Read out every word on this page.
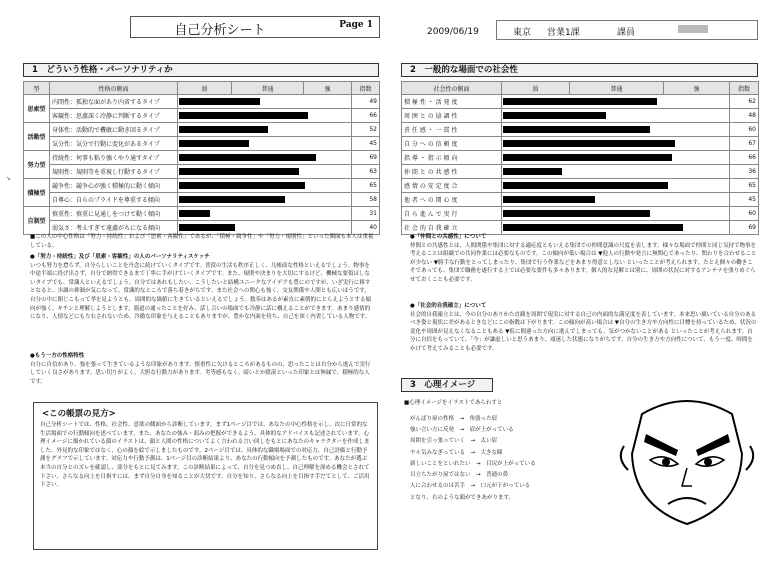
自己分析シート	Page 1
2009/06/19	東京 営業1課	課員
↘
1　どういう性格・パーソナリティか
型	性格の側面	弱	普通	強	指数
思索型	内閉性：孤独な面があり内省するタイプ				49
	客観性：思慮深く冷静に判断するタイプ				66
活動型	身体性：活動的で機敏に動き回るタイプ				52
	気分性：気分で行動に変化があるタイプ				45
努力型	持続性：何事も粘り強くやり通すタイプ				69
	規則性：規則等を重視し行動するタイプ				63
積極型	競争性：競争心が強く積極的に動く傾向				65
	自尊心：自らのプライドを尊重する傾向				58
自制型	慎重性：慎重に見通しをつけて動く傾向				31
	弱気さ：考えすぎて遠慮がちになる傾向				40
■この人の中心性格は「努力・持続性」および「思索・客観性」であるが、「積極・競争性」や「努力・規則性」といった側面も本人は重視している。

●「努力・持続性」及び「思索・客観性」の人のパーソナリティスケッチ

いつも努力を怠らず、自分らしいことを丹念に続けていくタイプです。普段の生活も秩序正しく、几帳面な性格といえるでしょう。物事を中途半端に投げ出さず、自分で納得できるまで丁寧に手がけていくタイプです。また、規則や決まりを大切にするけど、機械な要領はしないタイプでも、常識人といえるでしょう。自分ではあれもしたい、こうしたいと結構ユニークなアイデアも豊にのですが、いざ実行に移すとなると、歩調の抑制が気になって、常識的なところで落ち着きがちです。また社会への関心も強く、交友関係や人間とも広いほうです。自分の中に閉じこもって孝を見ようとも、周囲的な価値に生きているといえるでしょう。数奉はあるが素直に素朝的にとらえようとする傾向が強く、キチンと理解しようとします。器道の通ったことを好み、話し合いの場面でも冷静に話に構えることができます。あまり感情的になり、人情などにも左右されないため、冷徹な印象を与えることもありますが、豊かな内面を持ち、自己を深く内省している人物です。

●もう一方の性格特性

自分に自信があり、強を張って生きているような印象があります。慎重性に欠けるところがあるものの、思ったことは自分から進んで実行していく良さがあります。思い切りがよく、大胆な行動力があります。劣等感もなく、暗いとか陰湿といった印象とは無縁で、積極的な人です。

<この帳票の見方>
自己分析シートでは、性格、社会性、意欲の側面から診断しています。まず1ページ目では、あなたの中心性格を示し、次に日常的な生活場面での行動傾向を述べています。また、あなたの強み・弱みの把握ができるよう、具体的なアドバイスも記述されています。心理イメージに描かれている顔のイラストは、顔と人間の性格についてよく言われる言い回しをもとにあなたのキャラクターを作成しました。外見的な印象ではなく、心の顔を絵で示しましたものです。2ページ目では、具体的な職場場面での対応力、自己評価と行動予測をグラフで示しています。対応力や行動予測は、1ページ目の診断結果より、あなたの行動傾向を予測したものです。あなたが選ぶ本当の自分とのズレを確認し、部分をもとに見てみます。この診断結果によって、自分を見つめ直し、自己理解を深める機会とされて下さい。さらなる向上を目指すには、まず自分自身を知ることが大切です。自分を知り、さらなる向上を目指す手だてとして、ご活用下さい。
2　一般的な場面での社会性
社会性の側面	弱	普通	強	指数
積 極 性 ・ 活 発 度				62
周 囲 と の 協 調 性				48
責 任 感 ・ 一 貫 性				60
自 分 へ の 信 頼 度				67
指 導 ・ 指 示 傾 向				66
仲 間 と の 共 感 性				36
感 情 の 安 定 度 合				65
他 者 へ の 関 心 度				45
自 ら 進 ん で 実 行				60
社 会 的 自 我 確 立				69

●「仲間との共感性」について

仲間との共感性とは、人間関係や集団に対する適応度ともいえる集団での仲間意識の尺度を表します。様々な場面で仲間と同じ気持で物事を考えることは組織での共同作業には必要なものです。この傾向が低い場合は ▼他人の行動や発言に無関心であったり、関わりを合わせることが少ない ▼勝手な行動をとってしまったり、集団で行う作業などをあまり得意としない といったことが考えられます。たとえ個々の働きこそであっても、集団で職務を遂行する上では必要な要件も多々あります。個人的な見解とは別に、周囲の状況に対するアンテナを張りめぐらせておくことも必要です。

●「社会的自我確立」について

社会的自我確立とは、今の自分のありかた直観を周囲で現実に対する自己の内面的な満足度を表しています。本来思い描いている自分のあるべき姿と現状に差があるときなどにこの指数は下がります。この傾向が高い場合は ▼自分の生き方や方向性に目標を持っているため、状況の変化や周囲が見えなくなることもある ▼仮に間違った方向に進んでしまっても、気がつかないことがある といったことが考えられます。自分に自信をもっていて、「今」が謙虚しいと思うあまり、頑迷した状態になりがちです。自分の生き方や方向性について、もう一度、時間をかけて考えてみることも必要です。

3　心理イメージ
■心理イメージをイラストであらわすと
がんばり屋の性格　→　角張った眉
強い言い方に反発　→　眉が上がっている
周囲を引っ張っていく　→　太い眉
ヤル気みなぎっている　→　大きな瞳
新しいことをといれたい　→　目尻が上がっている
目立ちたがり屋ではない　→　普通の鼻
人に合わせるのは苦手　→　口元が下がっている
となり、右のような顔ができあがります。
